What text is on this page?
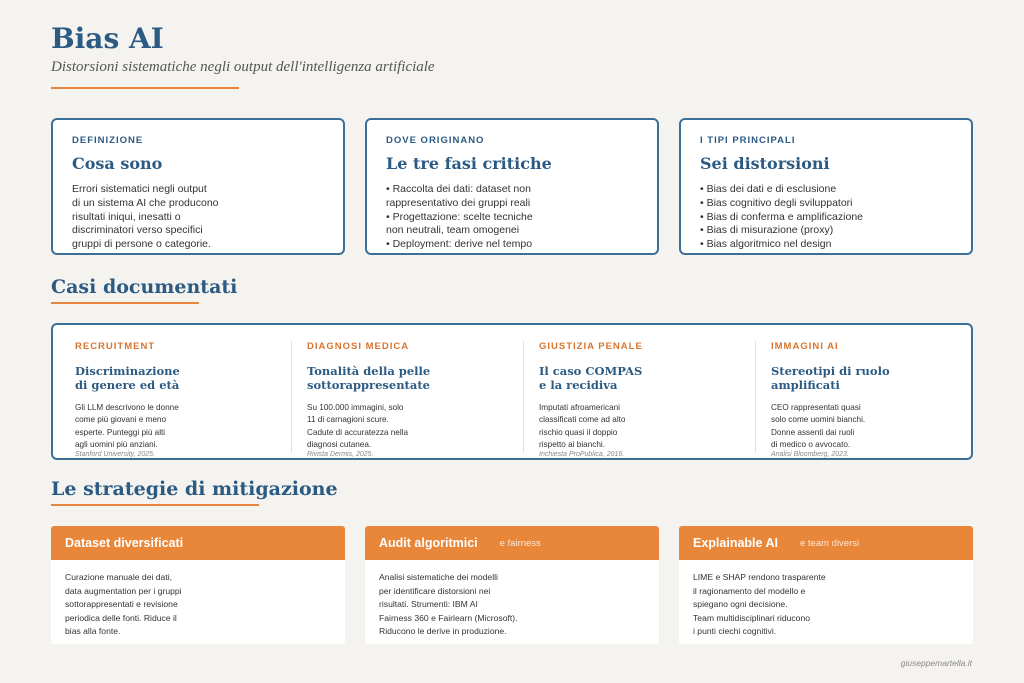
Bias AI
Distorsioni sistematiche negli output dell'intelligenza artificiale
DEFINIZIONE
Cosa sono
Errori sistematici negli output
di un sistema AI che producono
risultati iniqui, inesatti o
discriminatori verso specifici
gruppi di persone o categorie.
DOVE ORIGINANO
Le tre fasi critiche
• Raccolta dei dati: dataset non
rappresentativo dei gruppi reali
• Progettazione: scelte tecniche
non neutrali, team omogenei
• Deployment: derive nel tempo
I TIPI PRINCIPALI
Sei distorsioni
• Bias dei dati e di esclusione
• Bias cognitivo degli sviluppatori
• Bias di conferma e amplificazione
• Bias di misurazione (proxy)
• Bias algoritmico nel design
Casi documentati
RECRUITMENT
Discriminazione
di genere ed età
Gli LLM descrivono le donne
come più giovani e meno
esperte. Punteggi più alti
agli uomini più anziani.
Stanford University, 2025.
DIAGNOSI MEDICA
Tonalità della pelle
sottorappresentate
Su 100.000 immagini, solo
11 di carnagioni scure.
Cadute di accuratezza nella
diagnosi cutanea.
Rivista Dermis, 2025.
GIUSTIZIA PENALE
Il caso COMPAS
e la recidiva
Imputati afroamericani
classificati come ad alto
rischio quasi il doppio
rispetto ai bianchi.
Inchiesta ProPublica, 2016.
IMMAGINI AI
Stereotipi di ruolo
amplificati
CEO rappresentati quasi
solo come uomini bianchi.
Donne assenti dai ruoli
di medico o avvocato.
Analisi Bloomberg, 2023.
Le strategie di mitigazione
Dataset diversificati
Curazione manuale dei dati,
data augmentation per i gruppi
sottorappresentati e revisione
periodica delle fonti. Riduce il
bias alla fonte.
Audit algoritmici e fairness
Analisi sistematiche dei modelli
per identificare distorsioni nei
risultati. Strumenti: IBM AI
Fairness 360 e Fairlearn (Microsoft).
Riducono le derive in produzione.
Explainable AI e team diversi
LIME e SHAP rendono trasparente
il ragionamento del modello e
spiegano ogni decisione.
Team multidisciplinari riducono
i punti ciechi cognitivi.
giuseppemartella.it
